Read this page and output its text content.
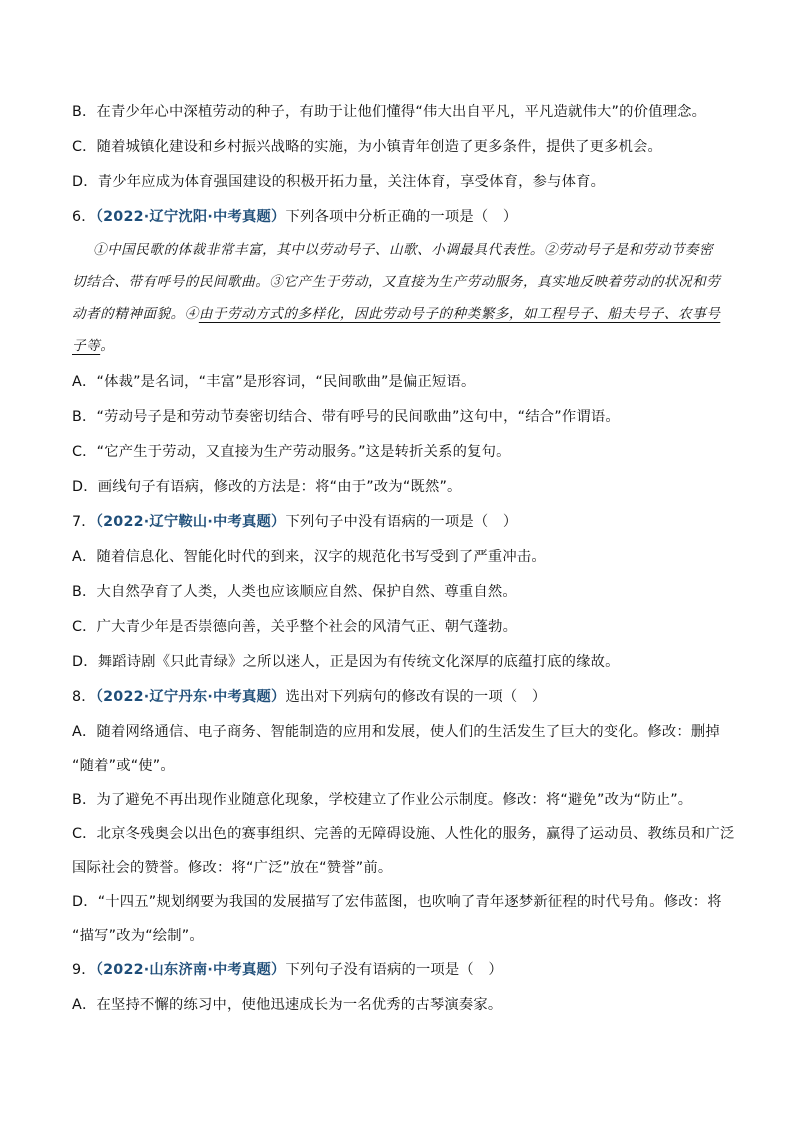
B．在青少年心中深植劳动的种子，有助于让他们懂得“伟大出自平凡，平凡造就伟大”的价值理念。
C．随着城镇化建设和乡村振兴战略的实施，为小镇青年创造了更多条件，提供了更多机会。
D．青少年应成为体育强国建设的积极开拓力量，关注体育，享受体育，参与体育。
6．（2022·辽宁沈阳·中考真题）下列各项中分析正确的一项是（　）
①中国民歌的体裁非常丰富，其中以劳动号子、山歌、小调最具代表性。②劳动号子是和劳动节奏密
切结合、带有呼号的民间歌曲。③它产生于劳动，又直接为生产劳动服务，真实地反映着劳动的状况和劳
动者的精神面貌。④由于劳动方式的多样化，因此劳动号子的种类繁多，如工程号子、船夫号子、农事号
子等。
A．“体裁”是名词，“丰富”是形容词，“民间歌曲”是偏正短语。
B．“劳动号子是和劳动节奏密切结合、带有呼号的民间歌曲”这句中，“结合”作谓语。
C．“它产生于劳动，又直接为生产劳动服务。”这是转折关系的复句。
D．画线句子有语病，修改的方法是：将“由于”改为“既然”。
7．（2022·辽宁鞍山·中考真题）下列句子中没有语病的一项是（　）
A．随着信息化、智能化时代的到来，汉字的规范化书写受到了严重冲击。
B．大自然孕育了人类，人类也应该顺应自然、保护自然、尊重自然。
C．广大青少年是否崇德向善，关乎整个社会的风清气正、朝气蓬勃。
D．舞蹈诗剧《只此青绿》之所以迷人，正是因为有传统文化深厚的底蕴打底的缘故。
8．（2022·辽宁丹东·中考真题）选出对下列病句的修改有误的一项（　）
A．随着网络通信、电子商务、智能制造的应用和发展，使人们的生活发生了巨大的变化。修改：删掉
“随着”或“使”。
B．为了避免不再出现作业随意化现象，学校建立了作业公示制度。修改：将“避免”改为“防止”。
C．北京冬残奥会以出色的赛事组织、完善的无障碍设施、人性化的服务，赢得了运动员、教练员和广泛
国际社会的赞誉。修改：将“广泛”放在“赞誉”前。
D．“十四五”规划纲要为我国的发展描写了宏伟蓝图，也吹响了青年逐梦新征程的时代号角。修改：将
“描写”改为“绘制”。
9．（2022·山东济南·中考真题）下列句子没有语病的一项是（　）
A．在坚持不懈的练习中，使他迅速成长为一名优秀的古琴演奏家。
